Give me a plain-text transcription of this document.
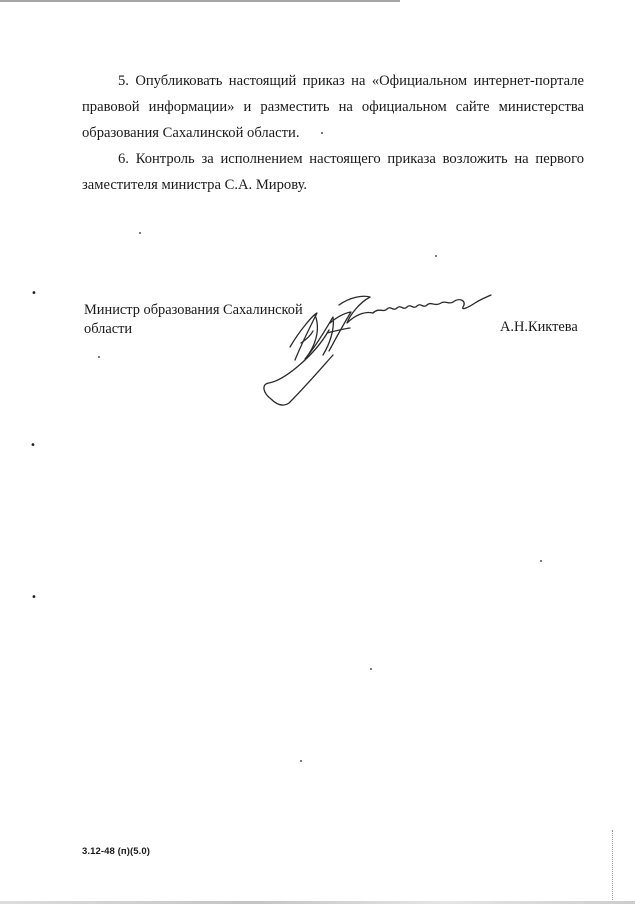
5. Опубликовать настоящий приказ на «Официальном интернет-портале правовой информации» и разместить на официальном сайте министерства образования Сахалинской области.

6. Контроль за исполнением настоящего приказа возложить на первого заместителя министра С.А. Мирову.

Министр образования Сахалинской
области	А.Н.Киктева
3.12-48 (п)(5.0)
•
•
•
